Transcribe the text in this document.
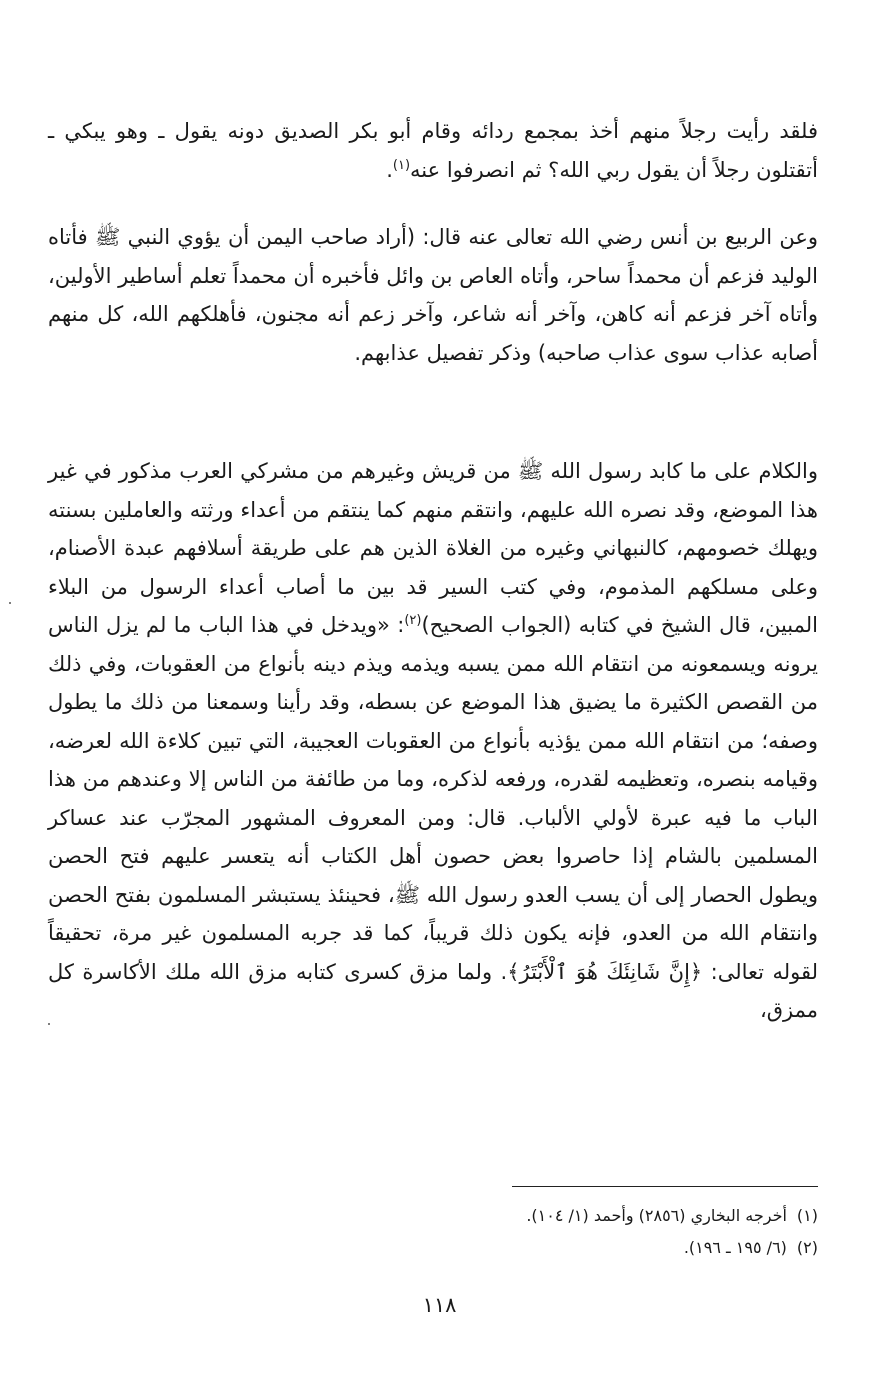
فلقد رأيت رجلاً منهم أخذ بمجمع ردائه وقام أبو بكر الصديق دونه يقول ـ وهو يبكي ـ أتقتلون رجلاً أن يقول ربي الله؟ ثم انصرفوا عنه$^{(١)}$.

وعن الربيع بن أنس رضي الله تعالى عنه قال: (أراد صاحب اليمن أن يؤوي النبي ﷺ فأتاه الوليد فزعم أن محمداً ساحر، وأتاه العاص بن وائل فأخبره أن محمداً تعلم أساطير الأولين، وأتاه آخر فزعم أنه كاهن، وآخر أنه شاعر، وآخر زعم أنه مجنون، فأهلكهم الله، كل منهم أصابه عذاب سوى عذاب صاحبه) وذكر تفصيل عذابهم.

والكلام على ما كابد رسول الله ﷺ من قريش وغيرهم من مشركي العرب مذكور في غير هذا الموضع، وقد نصره الله عليهم، وانتقم منهم كما ينتقم من أعداء ورثته والعاملين بسنته ويهلك خصومهم، كالنبهاني وغيره من الغلاة الذين هم على طريقة أسلافهم عبدة الأصنام، وعلى مسلكهم المذموم، وفي كتب السير قد بين ما أصاب أعداء الرسول من البلاء المبين، قال الشيخ في كتابه (الجواب الصحيح)$^{(٢)}$: «ويدخل في هذا الباب ما لم يزل الناس يرونه ويسمعونه من انتقام الله ممن يسبه ويذمه ويذم دينه بأنواع من العقوبات، وفي ذلك من القصص الكثيرة ما يضيق هذا الموضع عن بسطه، وقد رأينا وسمعنا من ذلك ما يطول وصفه؛ من انتقام الله ممن يؤذيه بأنواع من العقوبات العجيبة، التي تبين كلاءة الله لعرضه، وقيامه بنصره، وتعظيمه لقدره، ورفعه لذكره، وما من طائفة من الناس إلا وعندهم من هذا الباب ما فيه عبرة لأولي الألباب. قال: ومن المعروف المشهور المجرّب عند عساكر المسلمين بالشام إذا حاصروا بعض حصون أهل الكتاب أنه يتعسر عليهم فتح الحصن ويطول الحصار إلى أن يسب العدو رسول الله ﷺ، فحينئذ يستبشر المسلمون بفتح الحصن وانتقام الله من العدو، فإنه يكون ذلك قريباً، كما قد جربه المسلمون غير مرة، تحقيقاً لقوله تعالى: ﴿إِنَّ شَانِئَكَ هُوَ ٱلْأَبْتَرُ﴾. ولما مزق كسرى كتابه مزق الله ملك الأكاسرة كل ممزق،

(١)أخرجه البخاري (٢٨٥٦) وأحمد (١/ ١٠٤).

(٢)(٦/ ١٩٥ ـ ١٩٦).

١١٨
